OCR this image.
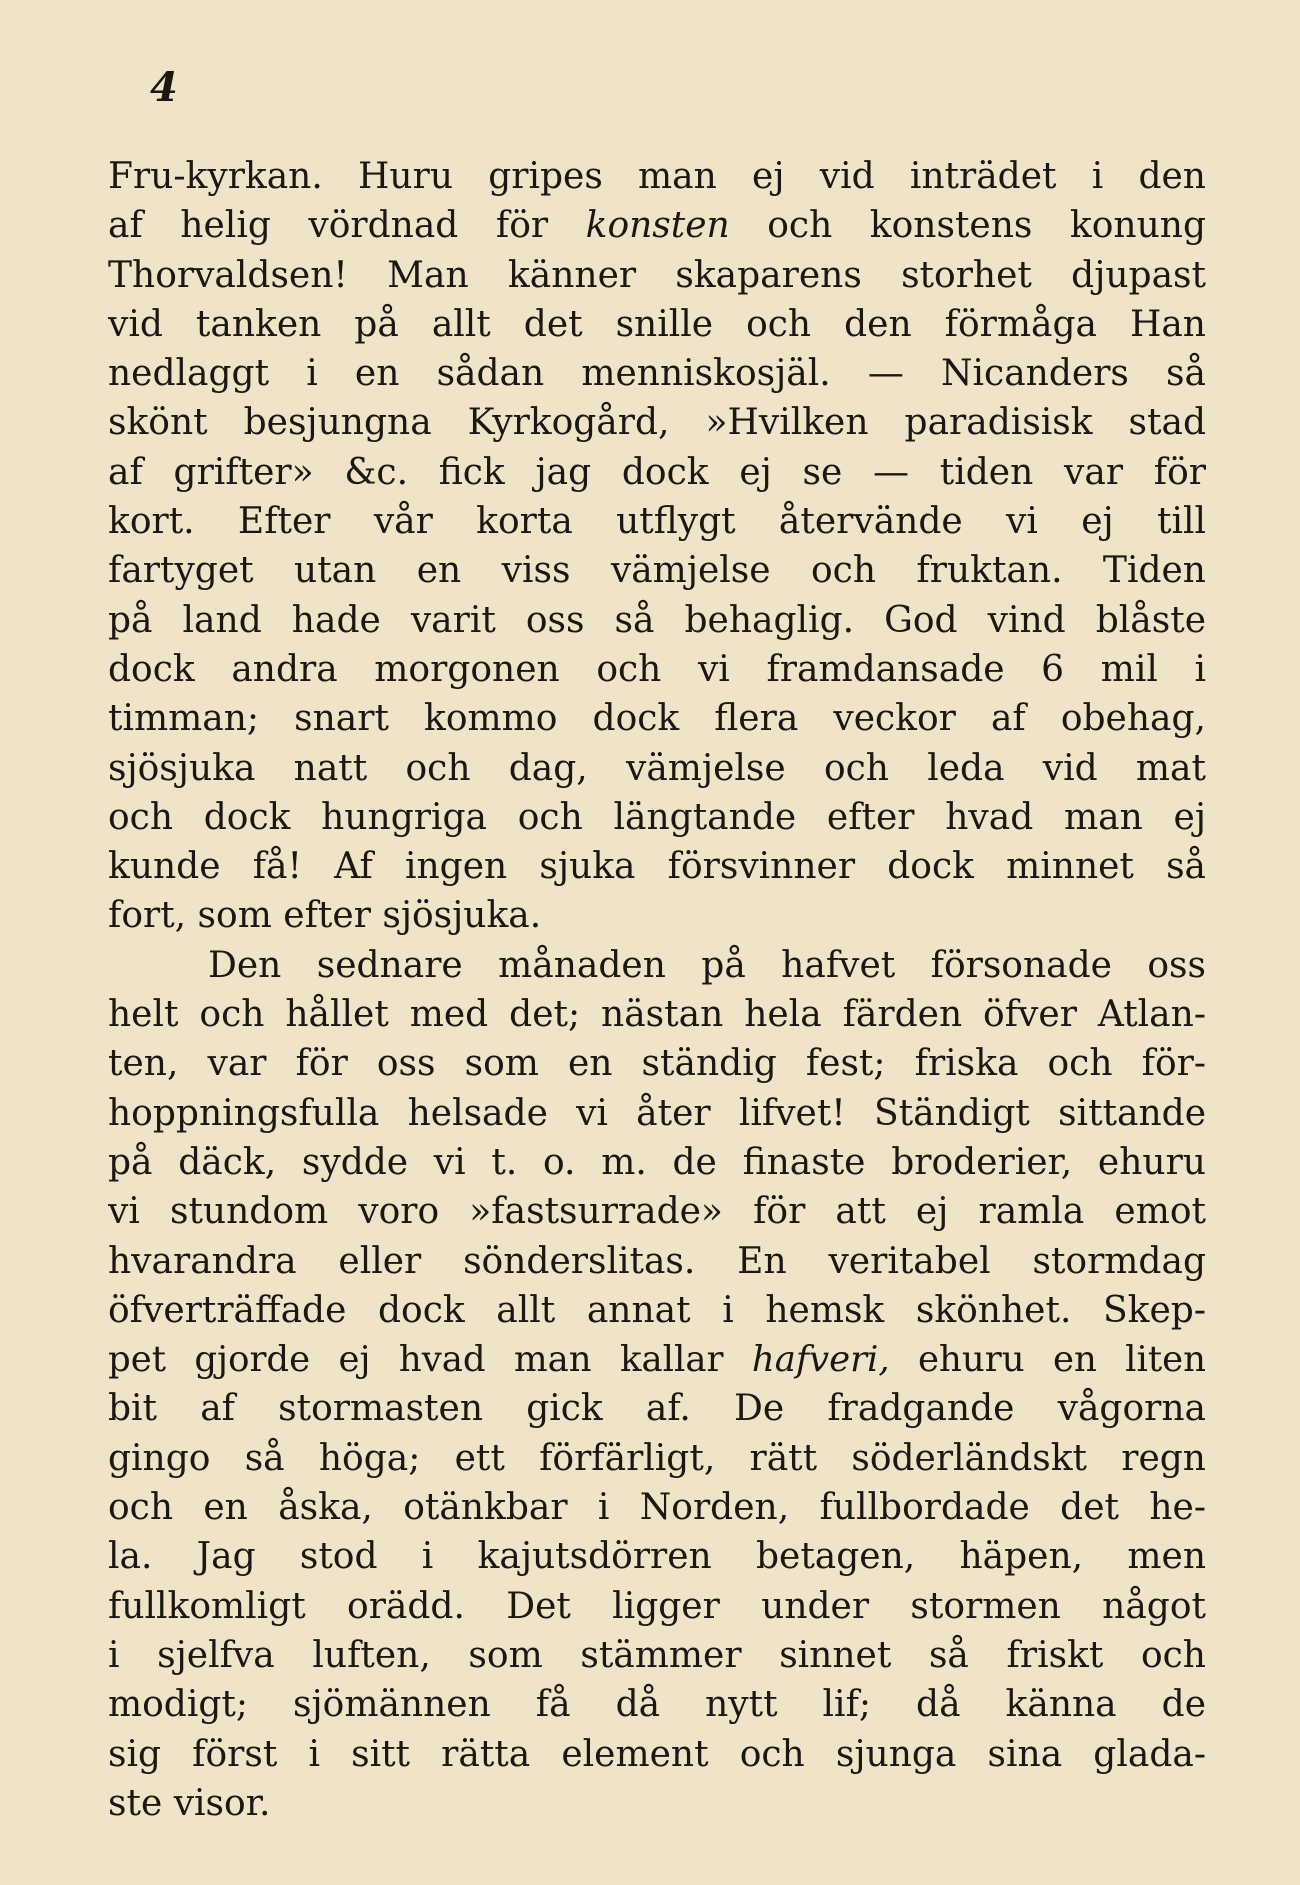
4
Fru-kyrkan. Huru gripes man ej vid inträdet i den
af helig vördnad för konsten och konstens konung
Thorvaldsen! Man känner skaparens storhet djupast
vid tanken på allt det snille och den förmåga Han
nedlaggt i en sådan menniskosjäl. — Nicanders så
skönt besjungna Kyrkogård, »Hvilken paradisisk stad
af grifter» &c. fick jag dock ej se — tiden var för
kort. Efter vår korta utflygt återvände vi ej till
fartyget utan en viss vämjelse och fruktan. Tiden
på land hade varit oss så behaglig. God vind blåste
dock andra morgonen och vi framdansade 6 mil i
timman; snart kommo dock flera veckor af obehag,
sjösjuka natt och dag, vämjelse och leda vid mat
och dock hungriga och längtande efter hvad man ej
kunde få! Af ingen sjuka försvinner dock minnet så
fort, som efter sjösjuka.
Den sednare månaden på hafvet försonade oss
helt och hållet med det; nästan hela färden öfver Atlan-
ten, var för oss som en ständig fest; friska och för-
hoppningsfulla helsade vi åter lifvet! Ständigt sittande
på däck, sydde vi t. o. m. de finaste broderier, ehuru
vi stundom voro »fastsurrade» för att ej ramla emot
hvarandra eller sönderslitas. En veritabel stormdag
öfverträffade dock allt annat i hemsk skönhet. Skep-
pet gjorde ej hvad man kallar hafveri, ehuru en liten
bit af stormasten gick af. De fradgande vågorna
gingo så höga; ett förfärligt, rätt söderländskt regn
och en åska, otänkbar i Norden, fullbordade det he-
la. Jag stod i kajutsdörren betagen, häpen, men
fullkomligt orädd. Det ligger under stormen något
i sjelfva luften, som stämmer sinnet så friskt och
modigt; sjömännen få då nytt lif; då känna de
sig först i sitt rätta element och sjunga sina glada-
ste visor.
